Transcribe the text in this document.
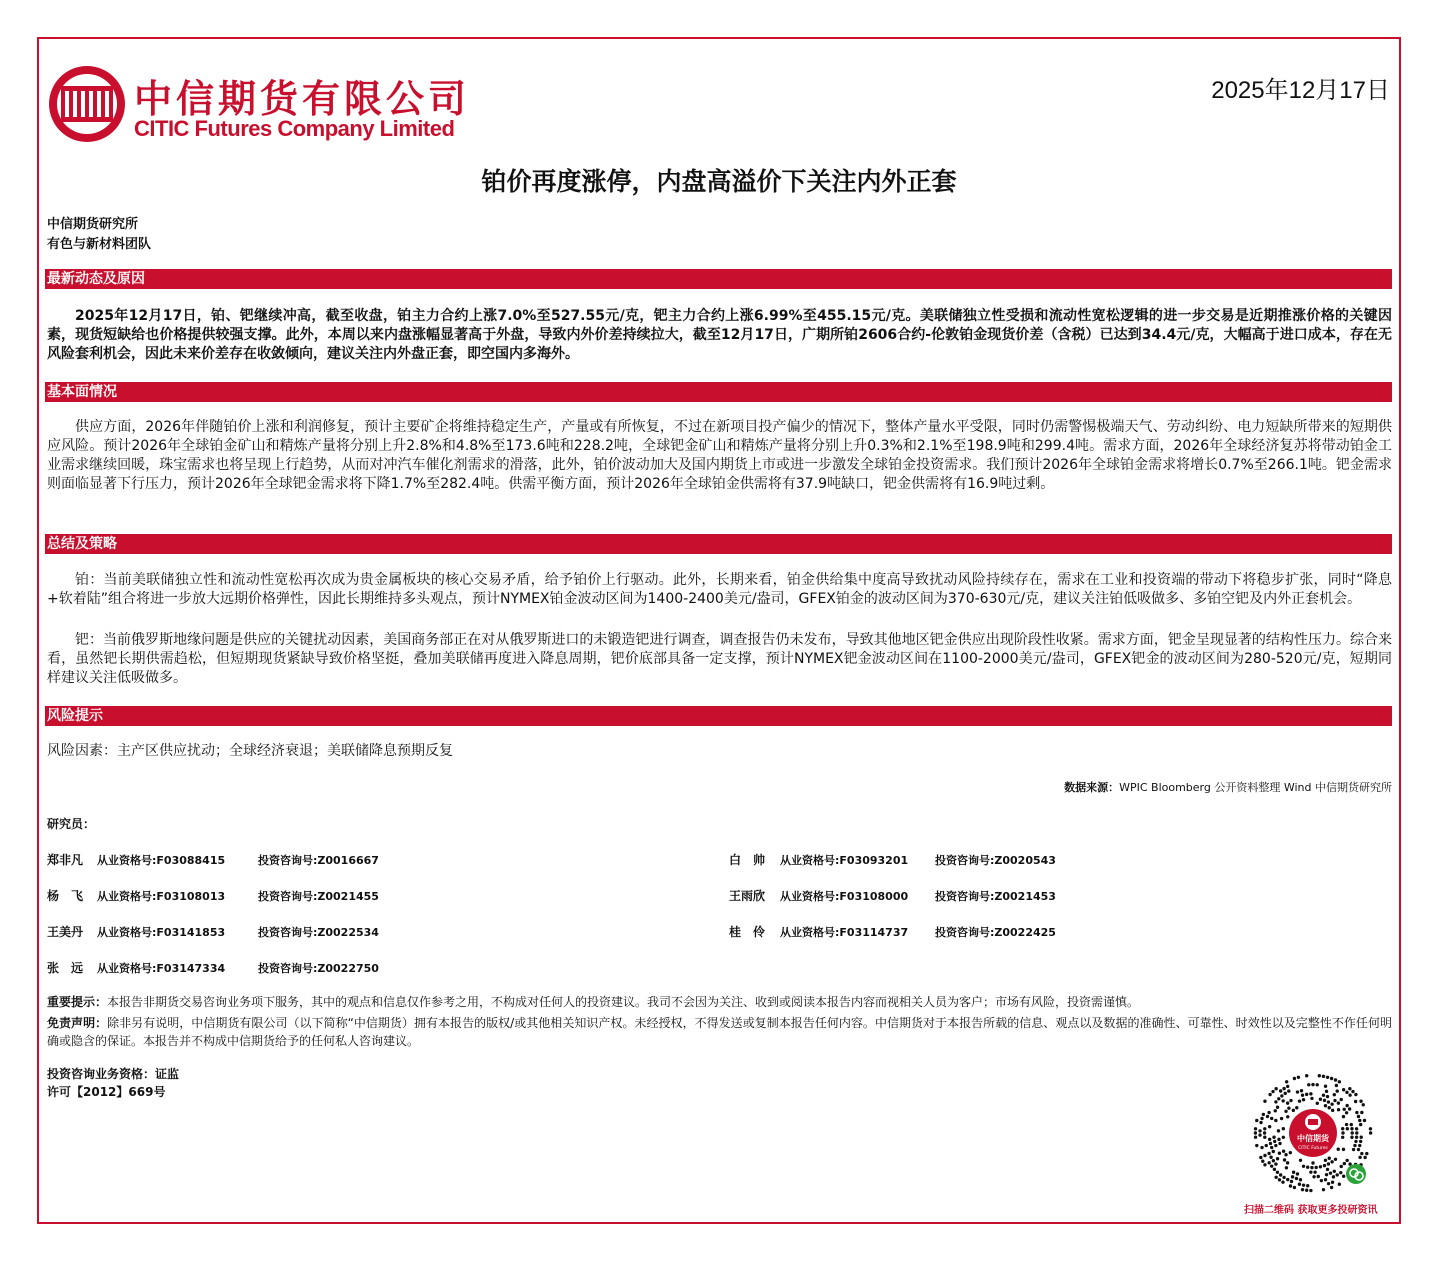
中信期货有限公司
CITIC Futures Company Limited
2025年12月17日
铂价再度涨停，内盘高溢价下关注内外正套
中信期货研究所
有色与新材料团队
最新动态及原因
2025年12月17日，铂、钯继续冲高，截至收盘，铂主力合约上涨7.0%至527.55元/克，钯主力合约上涨6.99%至455.15元/克。美联储独立性受损和流动性宽松逻辑的进一步交易是近期推涨价格的关键因素，现货短缺给也价格提供较强支撑。此外，本周以来内盘涨幅显著高于外盘，导致内外价差持续拉大，截至12月17日，广期所铂2606合约-伦敦铂金现货价差（含税）已达到34.4元/克，大幅高于进口成本，存在无风险套利机会，因此未来价差存在收敛倾向，建议关注内外盘正套，即空国内多海外。
基本面情况
供应方面，2026年伴随铂价上涨和利润修复，预计主要矿企将维持稳定生产，产量或有所恢复，不过在新项目投产偏少的情况下，整体产量水平受限，同时仍需警惕极端天气、劳动纠纷、电力短缺所带来的短期供应风险。预计2026年全球铂金矿山和精炼产量将分别上升2.8%和4.8%至173.6吨和228.2吨，全球钯金矿山和精炼产量将分别上升0.3%和2.1%至198.9吨和299.4吨。需求方面，2026年全球经济复苏将带动铂金工业需求继续回暖，珠宝需求也将呈现上行趋势，从而对冲汽车催化剂需求的滑落，此外，铂价波动加大及国内期货上市或进一步激发全球铂金投资需求。我们预计2026年全球铂金需求将增长0.7%至266.1吨。钯金需求则面临显著下行压力，预计2026年全球钯金需求将下降1.7%至282.4吨。供需平衡方面，预计2026年全球铂金供需将有37.9吨缺口，钯金供需将有16.9吨过剩。
总结及策略
铂：当前美联储独立性和流动性宽松再次成为贵金属板块的核心交易矛盾，给予铂价上行驱动。此外，长期来看，铂金供给集中度高导致扰动风险持续存在，需求在工业和投资端的带动下将稳步扩张，同时“降息+软着陆”组合将进一步放大远期价格弹性，因此长期维持多头观点，预计NYMEX铂金波动区间为1400-2400美元/盎司，GFEX铂金的波动区间为370-630元/克，建议关注铂低吸做多、多铂空钯及内外正套机会。
钯：当前俄罗斯地缘问题是供应的关键扰动因素，美国商务部正在对从俄罗斯进口的未锻造钯进行调查，调查报告仍未发布，导致其他地区钯金供应出现阶段性收紧。需求方面，钯金呈现显著的结构性压力。综合来看，虽然钯长期供需趋松，但短期现货紧缺导致价格坚挺，叠加美联储再度进入降息周期，钯价底部具备一定支撑，预计NYMEX钯金波动区间在1100-2000美元/盎司，GFEX钯金的波动区间为280-520元/克，短期同样建议关注低吸做多。
风险提示
风险因素：主产区供应扰动；全球经济衰退；美联储降息预期反复
数据来源：WPIC Bloomberg 公开资料整理 Wind 中信期货研究所
研究员：
郑非凡 从业资格号:F03088415	投资咨询号:Z0016667
杨　飞 从业资格号:F03108013	投资咨询号:Z0021455
王美丹 从业资格号:F03141853	投资咨询号:Z0022534
张　远 从业资格号:F03147334	投资咨询号:Z0022750
白　帅 从业资格号:F03093201 投资咨询号:Z0020543
王雨欣 从业资格号:F03108000 投资咨询号:Z0021453
桂　伶 从业资格号:F03114737 投资咨询号:Z0022425
重要提示：本报告非期货交易咨询业务项下服务，其中的观点和信息仅作参考之用，不构成对任何人的投资建议。我司不会因为关注、收到或阅读本报告内容而视相关人员为客户；市场有风险，投资需谨慎。
免责声明：除非另有说明，中信期货有限公司（以下简称“中信期货）拥有本报告的版权/或其他相关知识产权。未经授权，不得发送或复制本报告任何内容。中信期货对于本报告所载的信息、观点以及数据的准确性、可靠性、时效性以及完整性不作任何明确或隐含的保证。本报告并不构成中信期货给予的任何私人咨询建议。
投资咨询业务资格：证监
许可【2012】669号
中信期货
CITIC Futures
扫描二维码 获取更多投研资讯
